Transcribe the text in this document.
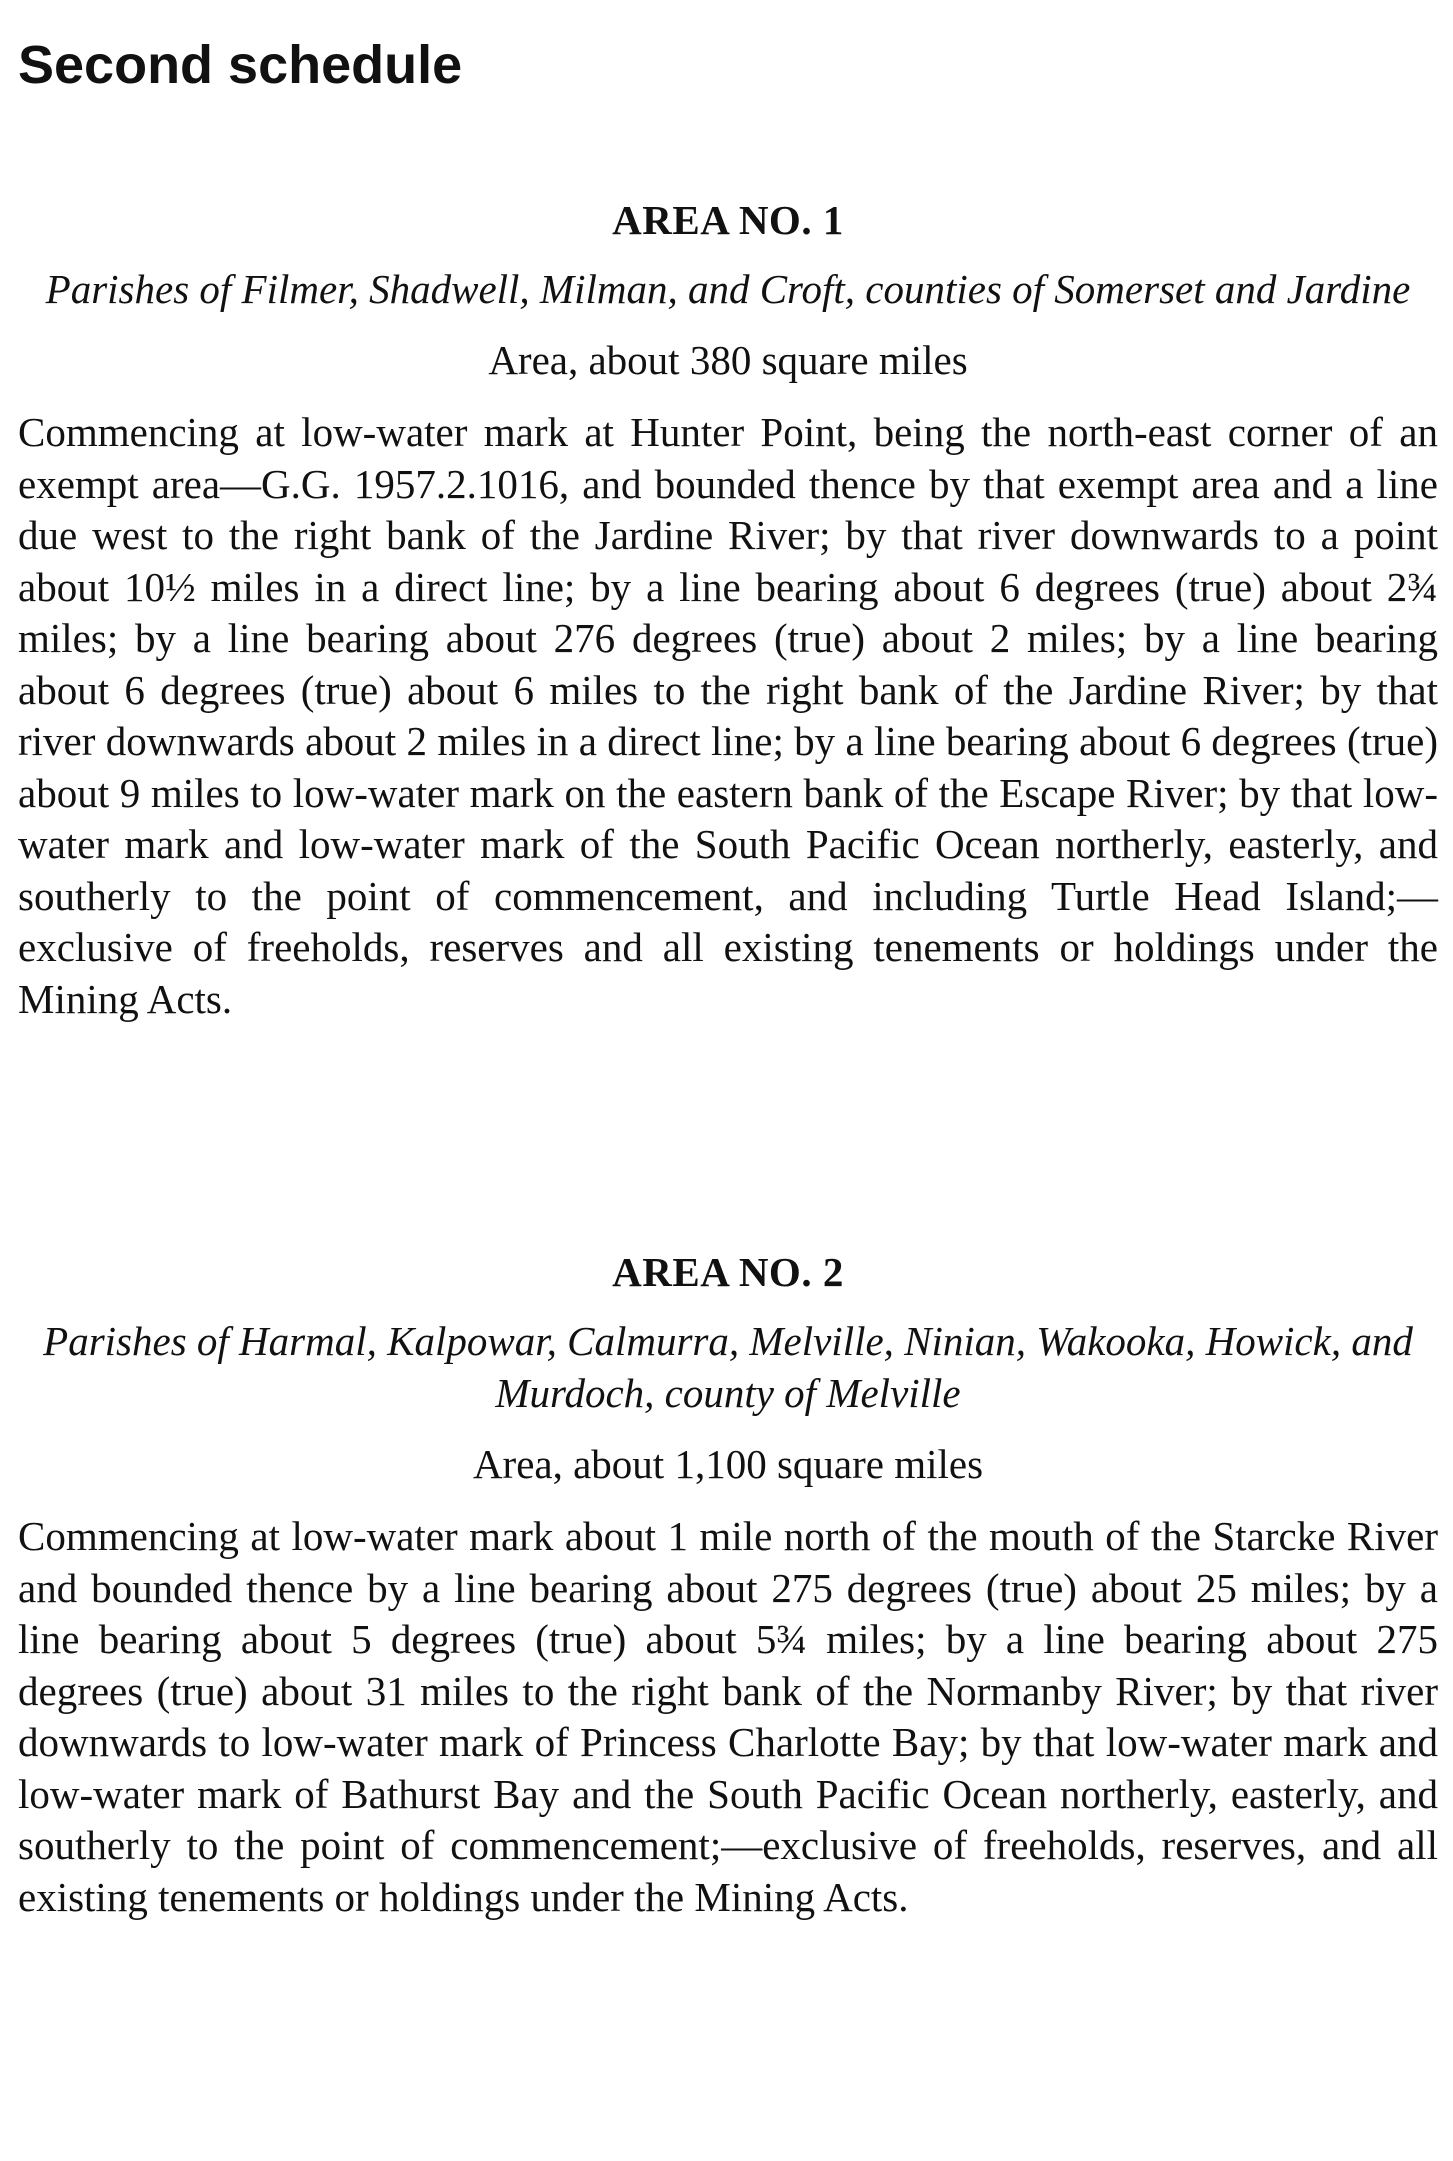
Second schedule
AREA NO. 1

Parishes of Filmer, Shadwell, Milman, and Croft, counties of Somerset and Jardine

Area, about 380 square miles

Commencing at low-water mark at Hunter Point, being the north-east corner of an exempt area—G.G. 1957.2.1016, and bounded thence by that exempt area and a line due west to the right bank of the Jardine River; by that river downwards to a point about 10½ miles in a direct line; by a line bearing about 6 degrees (true) about 2¾ miles; by a line bearing about 276 degrees (true) about 2 miles; by a line bearing about 6 degrees (true) about 6 miles to the right bank of the Jardine River; by that river downwards about 2 miles in a direct line; by a line bearing about 6 degrees (true) about 9 miles to low-water mark on the eastern bank of the Escape River; by that low-water mark and low-water mark of the South Pacific Ocean northerly, easterly, and southerly to the point of commencement, and including Turtle Head Island;—exclusive of freeholds, reserves and all existing tenements or holdings under the Mining Acts.

AREA NO. 2

Parishes of Harmal, Kalpowar, Calmurra, Melville, Ninian, Wakooka, Howick, and Murdoch, county of Melville

Area, about 1,100 square miles

Commencing at low-water mark about 1 mile north of the mouth of the Starcke River and bounded thence by a line bearing about 275 degrees (true) about 25 miles; by a line bearing about 5 degrees (true) about 5¾ miles; by a line bearing about 275 degrees (true) about 31 miles to the right bank of the Normanby River; by that river downwards to low-water mark of Princess Charlotte Bay; by that low-water mark and low-water mark of Bathurst Bay and the South Pacific Ocean northerly, easterly, and southerly to the point of commencement;—exclusive of freeholds, reserves, and all existing tenements or holdings under the Mining Acts.
